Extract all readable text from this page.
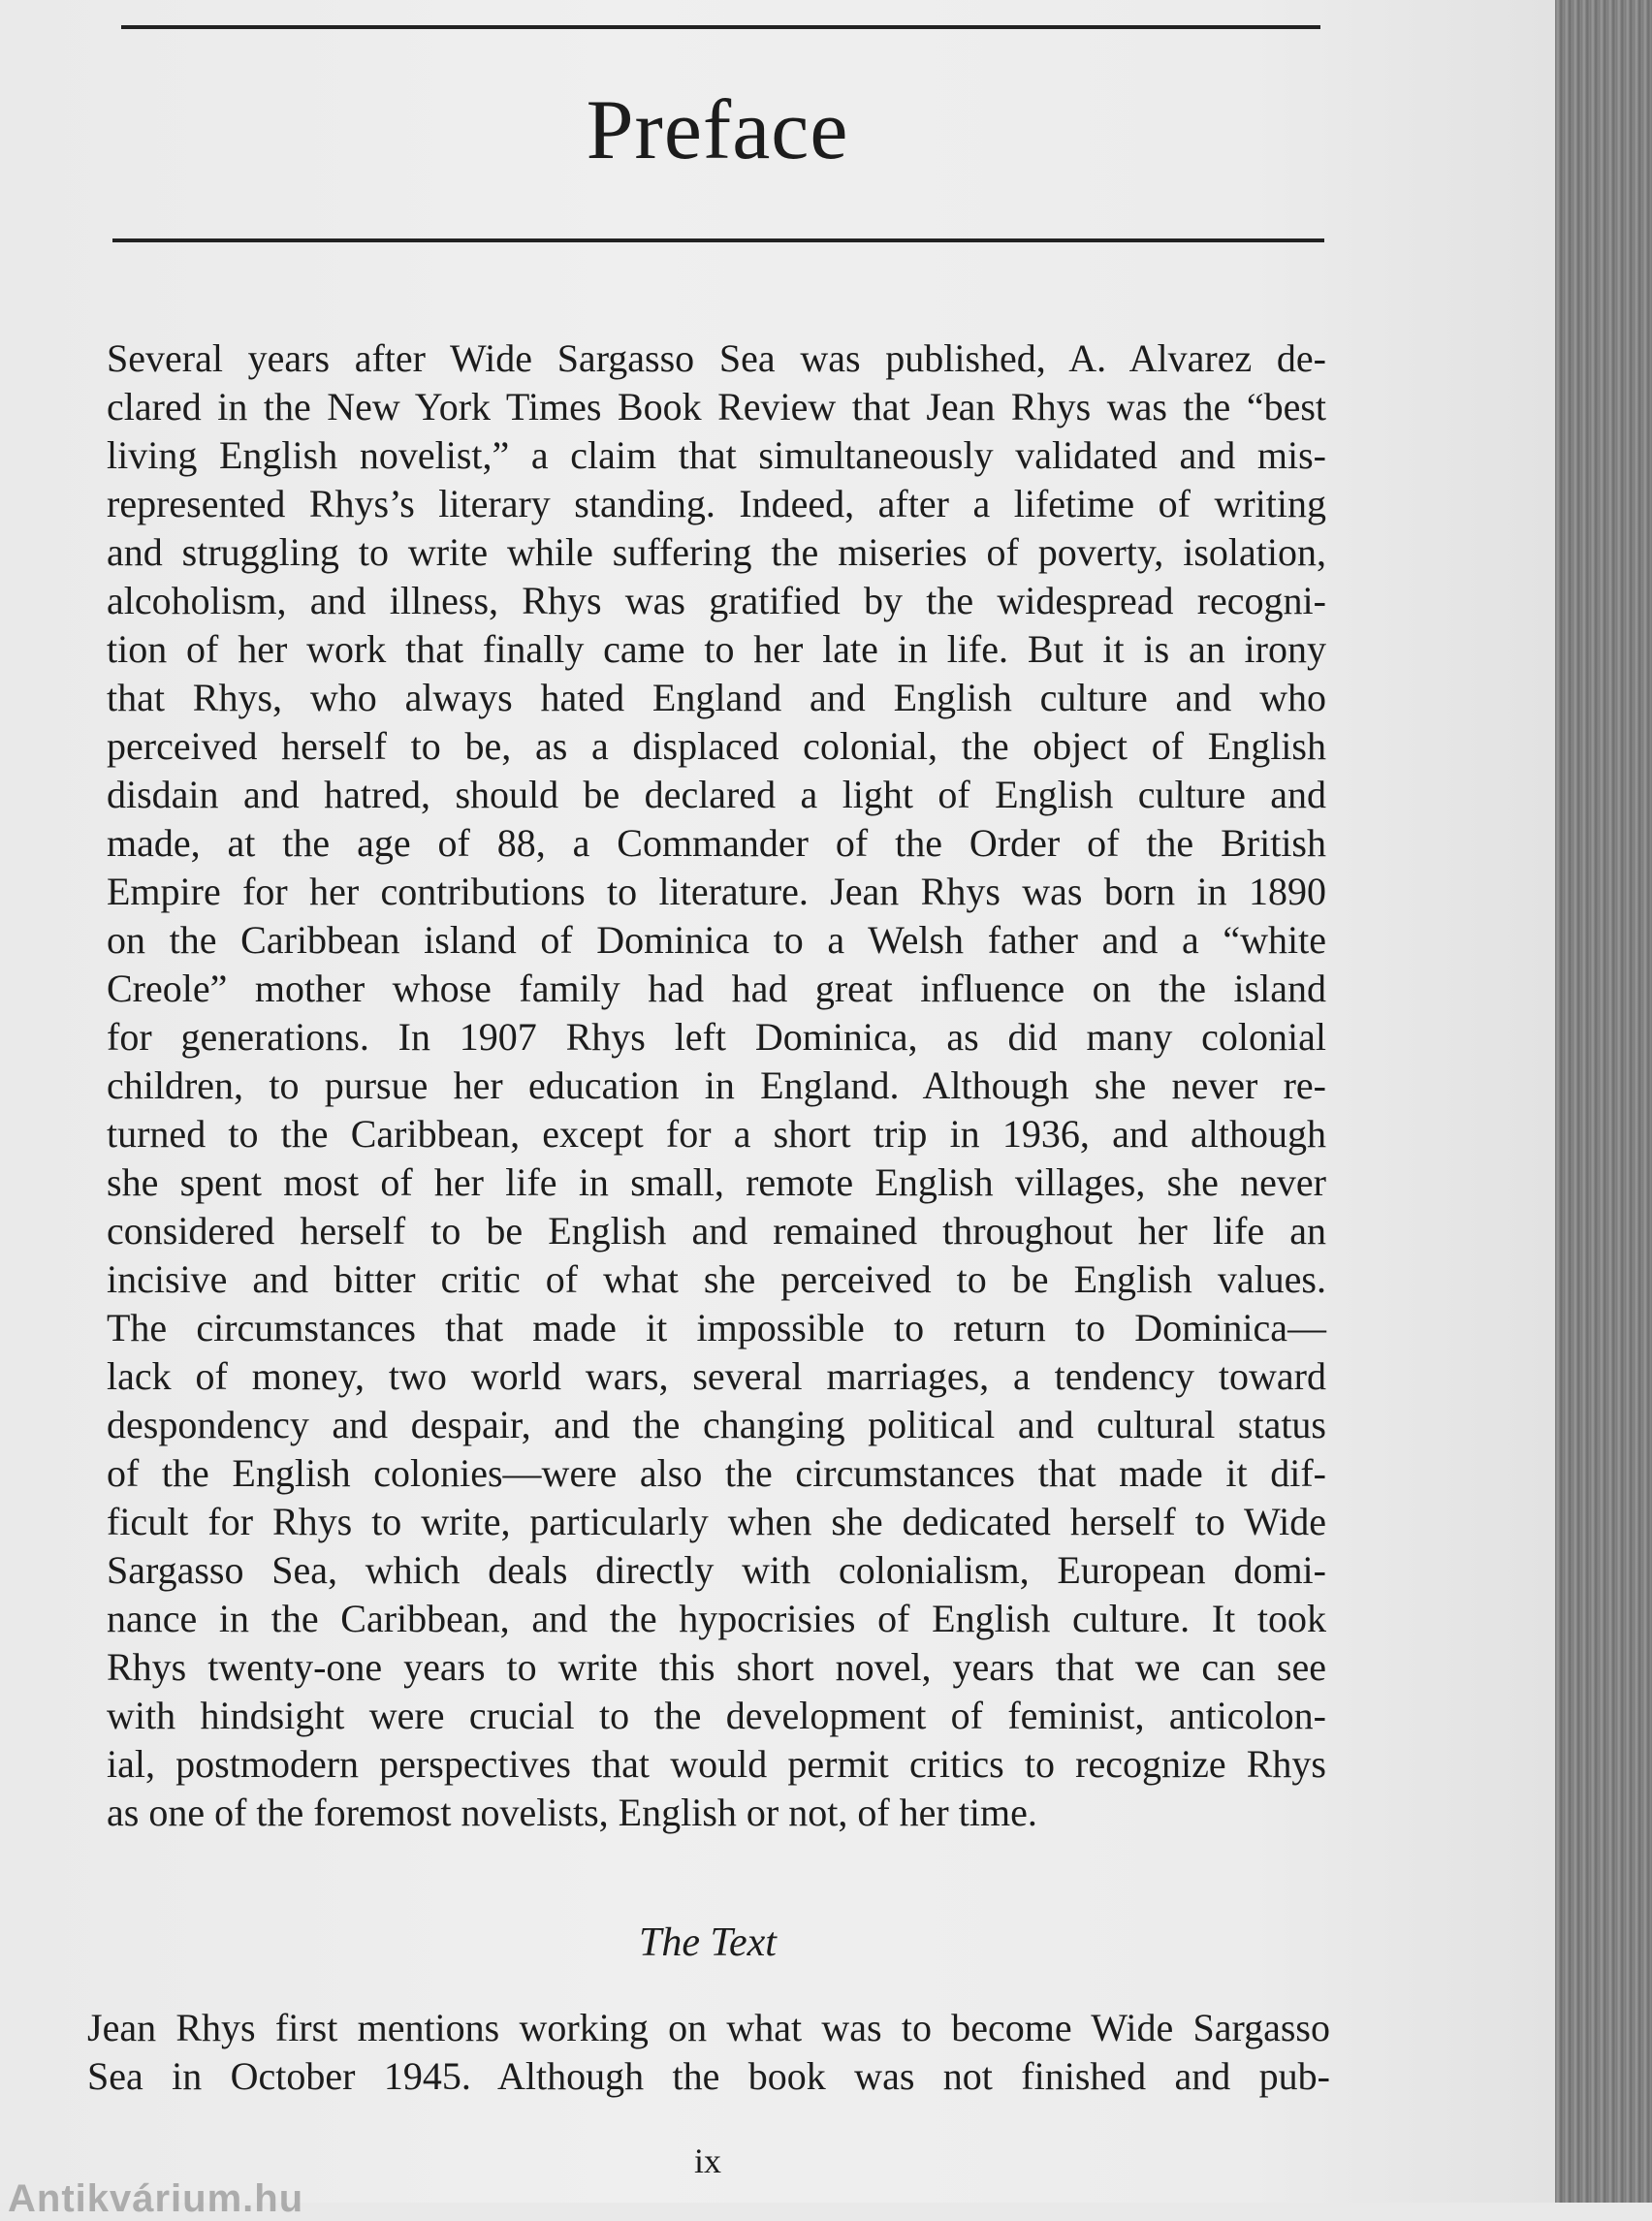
Preface
Several years after Wide Sargasso Sea was published, A. Alvarez de-
clared in the New York Times Book Review that Jean Rhys was the “best
living English novelist,” a claim that simultaneously validated and mis-
represented Rhys’s literary standing. Indeed, after a lifetime of writing
and struggling to write while suffering the miseries of poverty, isolation,
alcoholism, and illness, Rhys was gratified by the widespread recogni-
tion of her work that finally came to her late in life. But it is an irony
that Rhys, who always hated England and English culture and who
perceived herself to be, as a displaced colonial, the object of English
disdain and hatred, should be declared a light of English culture and
made, at the age of 88, a Commander of the Order of the British
Empire for her contributions to literature. Jean Rhys was born in 1890
on the Caribbean island of Dominica to a Welsh father and a “white
Creole” mother whose family had had great influence on the island
for generations. In 1907 Rhys left Dominica, as did many colonial
children, to pursue her education in England. Although she never re-
turned to the Caribbean, except for a short trip in 1936, and although
she spent most of her life in small, remote English villages, she never
considered herself to be English and remained throughout her life an
incisive and bitter critic of what she perceived to be English values.
The circumstances that made it impossible to return to Dominica—
lack of money, two world wars, several marriages, a tendency toward
despondency and despair, and the changing political and cultural status
of the English colonies—were also the circumstances that made it dif-
ficult for Rhys to write, particularly when she dedicated herself to Wide
Sargasso Sea, which deals directly with colonialism, European domi-
nance in the Caribbean, and the hypocrisies of English culture. It took
Rhys twenty-one years to write this short novel, years that we can see
with hindsight were crucial to the development of feminist, anticolon-
ial, postmodern perspectives that would permit critics to recognize Rhys
as one of the foremost novelists, English or not, of her time.
The Text
Jean Rhys first mentions working on what was to become Wide Sargasso
Sea in October 1945. Although the book was not finished and pub-
ix
Antikvárium.hu
